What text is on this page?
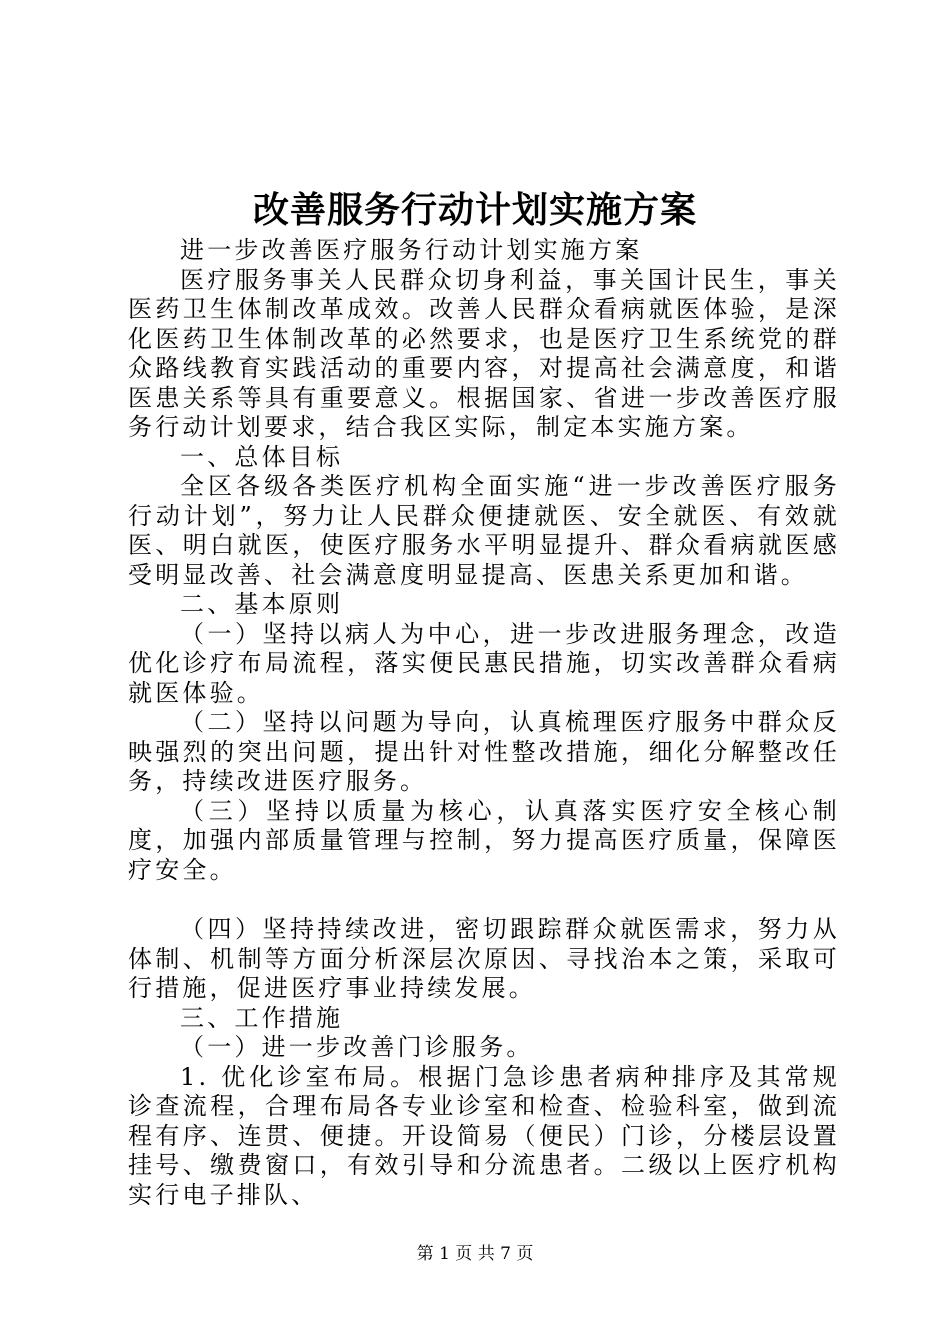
改善服务行动计划实施方案

进一步改善医疗服务行动计划实施方案

医疗服务事关人民群众切身利益，事关国计民生，事关医药卫生体制改革成效。改善人民群众看病就医体验，是深化医药卫生体制改革的必然要求，也是医疗卫生系统党的群众路线教育实践活动的重要内容，对提高社会满意度，和谐医患关系等具有重要意义。根据国家、省进一步改善医疗服务行动计划要求，结合我区实际，制定本实施方案。

一、总体目标

全区各级各类医疗机构全面实施“进一步改善医疗服务行动计划”，努力让人民群众便捷就医、安全就医、有效就医、明白就医，使医疗服务水平明显提升、群众看病就医感受明显改善、社会满意度明显提高、医患关系更加和谐。

二、基本原则

（一）坚持以病人为中心，进一步改进服务理念，改造优化诊疗布局流程，落实便民惠民措施，切实改善群众看病就医体验。

（二）坚持以问题为导向，认真梳理医疗服务中群众反映强烈的突出问题，提出针对性整改措施，细化分解整改任务，持续改进医疗服务。

（三）坚持以质量为核心，认真落实医疗安全核心制度，加强内部质量管理与控制，努力提高医疗质量，保障医疗安全。

（四）坚持持续改进，密切跟踪群众就医需求，努力从体制、机制等方面分析深层次原因、寻找治本之策，采取可行措施，促进医疗事业持续发展。

三、工作措施

（一）进一步改善门诊服务。

1. 优化诊室布局。根据门急诊患者病种排序及其常规诊查流程，合理布局各专业诊室和检查、检验科室，做到流程有序、连贯、便捷。开设简易（便民）门诊，分楼层设置挂号、缴费窗口，有效引导和分流患者。二级以上医疗机构实行电子排队、

第 1 页 共 7 页
